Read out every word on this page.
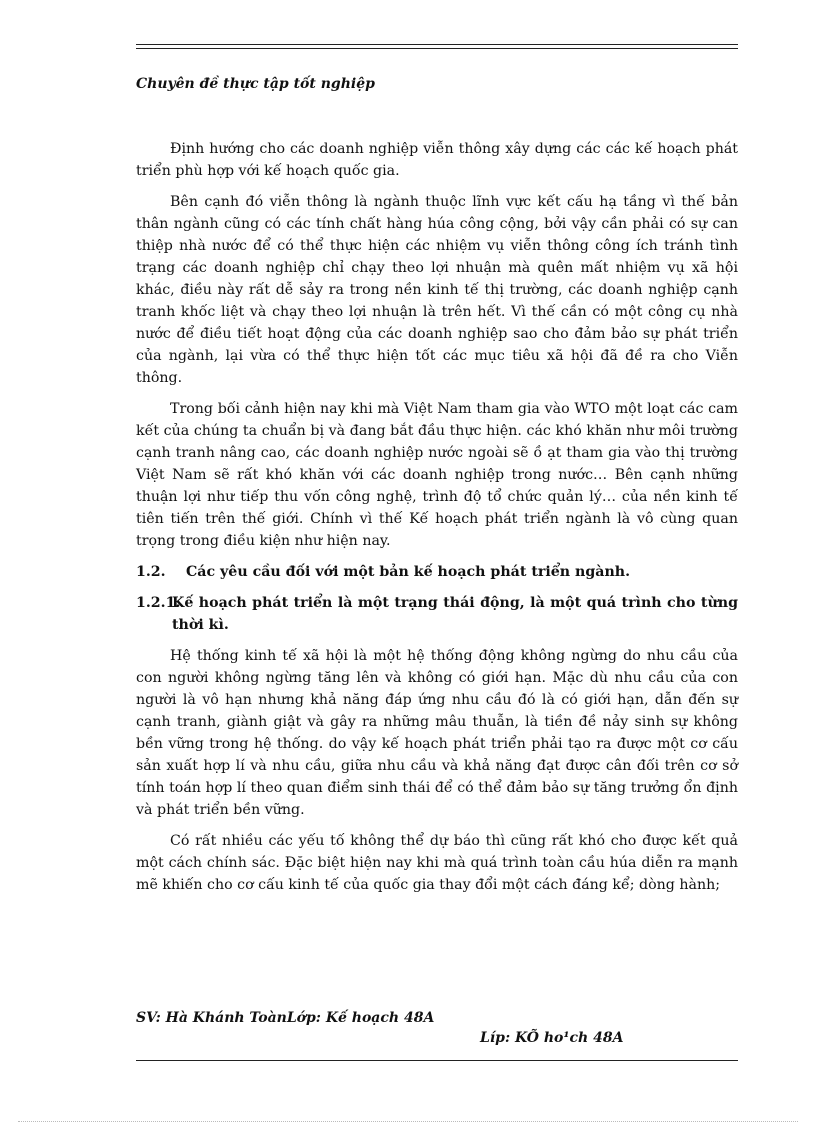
Chuyên đề thực tập tốt nghiệp

Định hướng cho các doanh nghiệp viễn thông xây dựng các các kế hoạch phát triển phù hợp với kế hoạch quốc gia.

Bên cạnh đó viễn thông là ngành thuộc lĩnh vực kết cấu hạ tầng vì thế bản thân ngành cũng có các tính chất hàng húa công cộng, bởi vậy cần phải có sự can thiệp nhà nước để có thể thực hiện các nhiệm vụ viễn thông công ích tránh tình trạng các doanh nghiệp chỉ chạy theo lợi nhuận mà quên mất nhiệm vụ xã hội khác, điều này rất dễ sảy ra trong nền kinh tế thị trường, các doanh nghiệp cạnh tranh khốc liệt và chạy theo lợi nhuận là trên hết. Vì thế cần có một công cụ nhà nước để điều tiết hoạt động của các doanh nghiệp sao cho đảm bảo sự phát triển của ngành, lại vừa có thể thực hiện tốt các mục tiêu xã hội đã đề ra cho Viễn thông.

Trong bối cảnh hiện nay khi mà Việt Nam tham gia vào WTO một loạt các cam kết của chúng ta chuẩn bị và đang bắt đầu thực hiện. các khó khăn như môi trường cạnh tranh nâng cao, các doanh nghiệp nước ngoài sẽ ồ ạt tham gia vào thị trường Việt Nam sẽ rất khó khăn với các doanh nghiệp trong nước… Bên cạnh những thuận lợi như tiếp thu vốn công nghệ, trình độ tổ chức quản lý… của nền kinh tế tiên tiến trên thế giới. Chính vì thế Kế hoạch phát triển ngành là vô cùng quan trọng trong điều kiện như hiện nay.

1.2. Các yêu cầu đối với một bản kế hoạch phát triển ngành.
1.2.1.Kế hoạch phát triển là một trạng thái động, là một quá trình cho từng thời kì.

Hệ thống kinh tế xã hội là một hệ thống động không ngừng do nhu cầu của con người không ngừng tăng lên và không có giới hạn. Mặc dù nhu cầu của con người là vô hạn nhưng khả năng đáp ứng nhu cầu đó là có giới hạn, dẫn đến sự cạnh tranh, giành giật và gây ra những mâu thuẫn, là tiền đề nảy sinh sự không bền vững trong hệ thống. do vậy kế hoạch phát triển phải tạo ra được một cơ cấu sản xuất hợp lí và nhu cầu, giữa nhu cầu và khả năng đạt được cân đối trên cơ sở tính toán hợp lí theo quan điểm sinh thái để có thể đảm bảo sự tăng trưởng ổn định và phát triển bền vững.

Có rất nhiều các yếu tố không thể dự báo thì cũng rất khó cho được kết quả một cách chính sác. Đặc biệt hiện nay khi mà quá trình toàn cầu húa diễn ra mạnh mẽ khiến cho cơ cấu kinh tế của quốc gia thay đổi một cách đáng kể; dòng hành;

SV: Hà Khánh ToànLớp: Kế hoạch 48A
Líp: KÕ ho¹ch 48A
